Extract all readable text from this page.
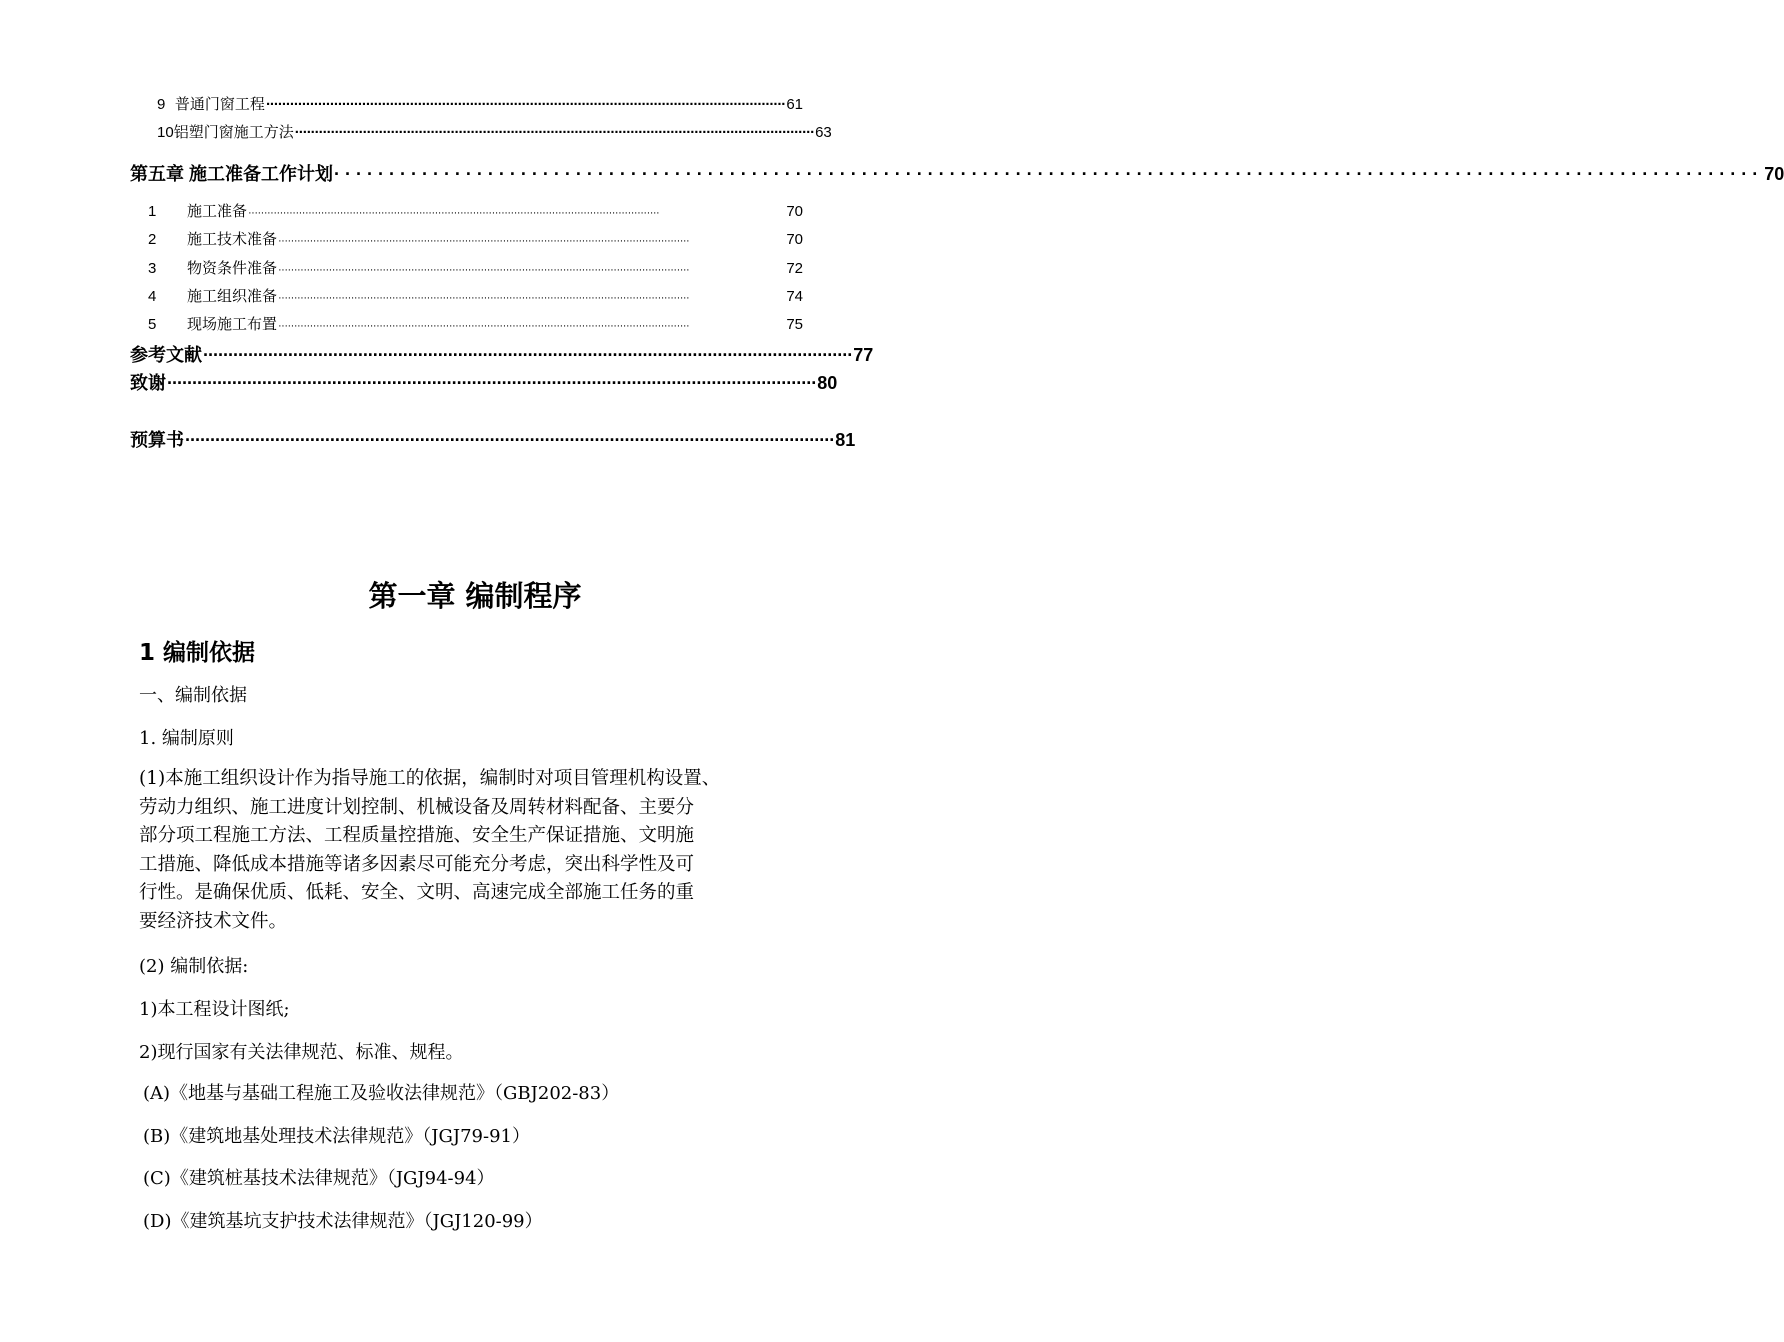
9 普通门窗工程 ·································································································································· 61
10 铝塑门窗施工方法 ·································································································································· 63
第五章 施工准备工作计划 ·································································································································· 70
1	施工准备 ··································································································································	70
2	施工技术准备 ··································································································································	70
3	物资条件准备 ··································································································································	72
4	施工组织准备 ··································································································································	74
5	现场施工布置 ··································································································································	75
参考文献 ·································································································································· 77
致谢 ·································································································································· 80
预算书 ·································································································································· 81
第一章 编制程序
1 编制依据
一、编制依据
1. 编制原则
(1)本施工组织设计作为指导施工的依据，编制时对项目管理机构设置、
劳动力组织、施工进度计划控制、机械设备及周转材料配备、主要分
部分项工程施工方法、工程质量控措施、安全生产保证措施、文明施
工措施、降低成本措施等诸多因素尽可能充分考虑，突出科学性及可
行性。是确保优质、低耗、安全、文明、高速完成全部施工任务的重
要经济技术文件。
(2) 编制依据:
1)本工程设计图纸;
2)现行国家有关法律规范、标准、规程。
(A)《地基与基础工程施工及验收法律规范》（GBJ202-83）
(B)《建筑地基处理技术法律规范》（JGJ79-91）
(C)《建筑桩基技术法律规范》（JGJ94-94）
(D)《建筑基坑支护技术法律规范》（JGJ120-99）
